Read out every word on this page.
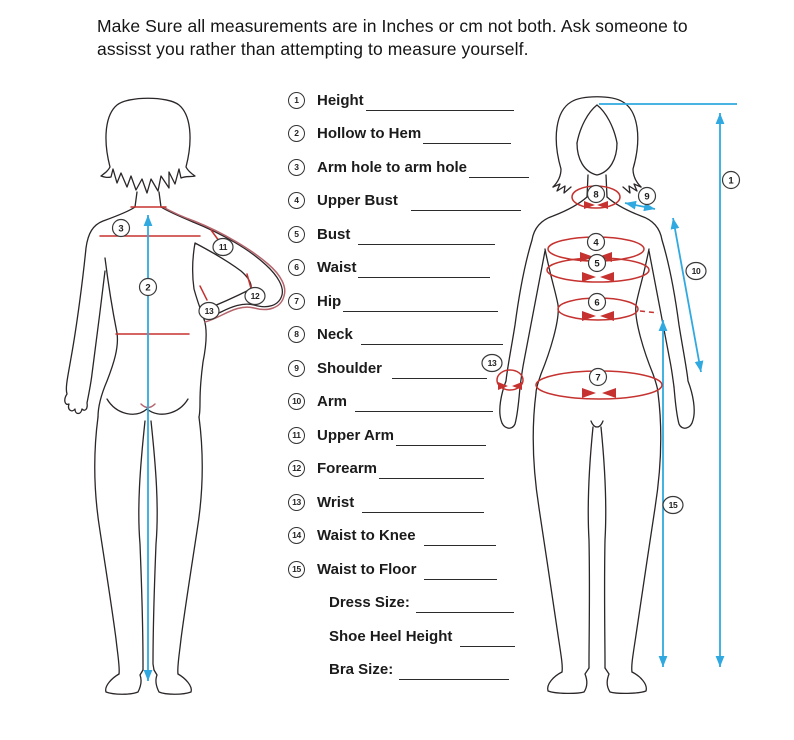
Make Sure all measurements are in Inches or cm not both. Ask someone to
assisst you rather than attempting to measure yourself.
1	Height
2	Hollow to Hem
3	Arm hole to arm hole
4	Upper Bust
5	Bust
6	Waist
7	Hip
8	Neck
9	Shoulder
10 Arm
11 Upper Arm
12 Forearm
13 Wrist
14 Waist to Knee
15 Waist to Floor
Dress Size:
Shoe Heel Height
Bra Size:
3
2
11
12
13
1
8	9
4
5
10
6
13
7
15
